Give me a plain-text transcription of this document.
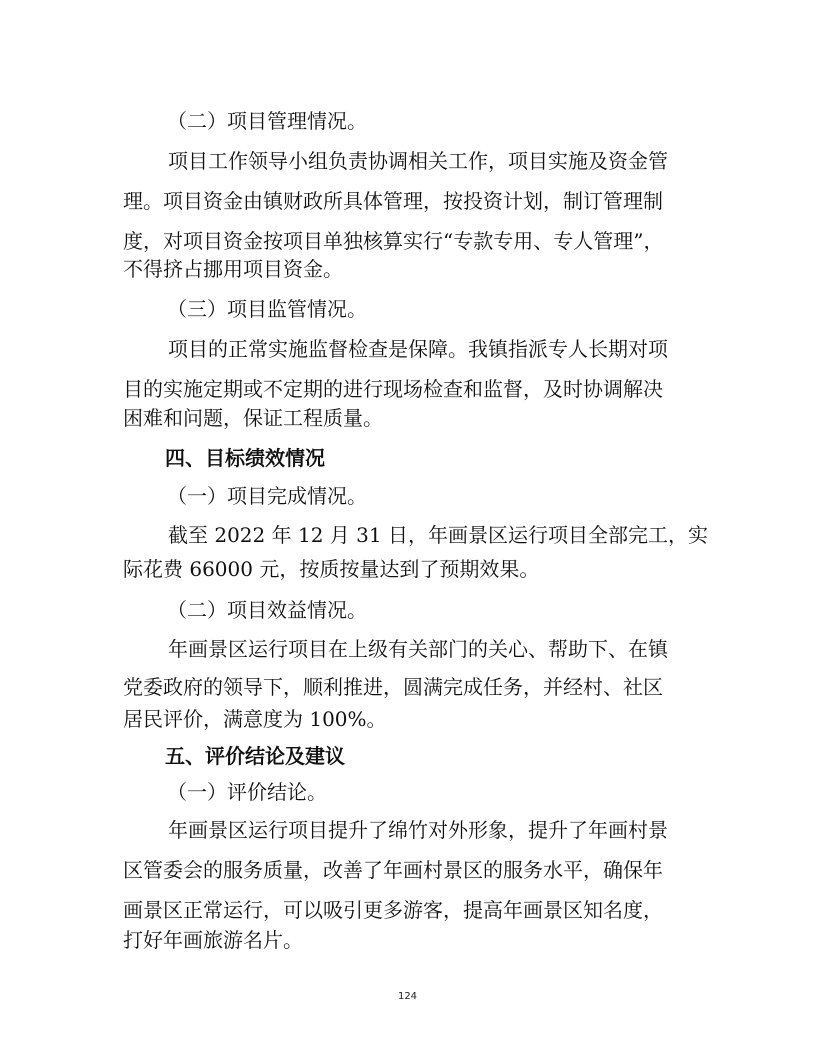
（二）项目管理情况。
项目工作领导小组负责协调相关工作，项目实施及资金管
理。项目资金由镇财政所具体管理，按投资计划，制订管理制
度，对项目资金按项目单独核算实行“专款专用、专人管理”，
不得挤占挪用项目资金。
（三）项目监管情况。
项目的正常实施监督检查是保障。我镇指派专人长期对项
目的实施定期或不定期的进行现场检查和监督，及时协调解决
困难和问题，保证工程质量。
四、目标绩效情况
（一）项目完成情况。
截至 2022 年 12 月 31 日，年画景区运行项目全部完工，实
际花费 66000 元，按质按量达到了预期效果。
（二）项目效益情况。
年画景区运行项目在上级有关部门的关心、帮助下、在镇
党委政府的领导下，顺利推进，圆满完成任务，并经村、社区
居民评价，满意度为 100%。
五、评价结论及建议
（一）评价结论。
年画景区运行项目提升了绵竹对外形象，提升了年画村景
区管委会的服务质量，改善了年画村景区的服务水平，确保年
画景区正常运行，可以吸引更多游客，提高年画景区知名度，
打好年画旅游名片。
124
